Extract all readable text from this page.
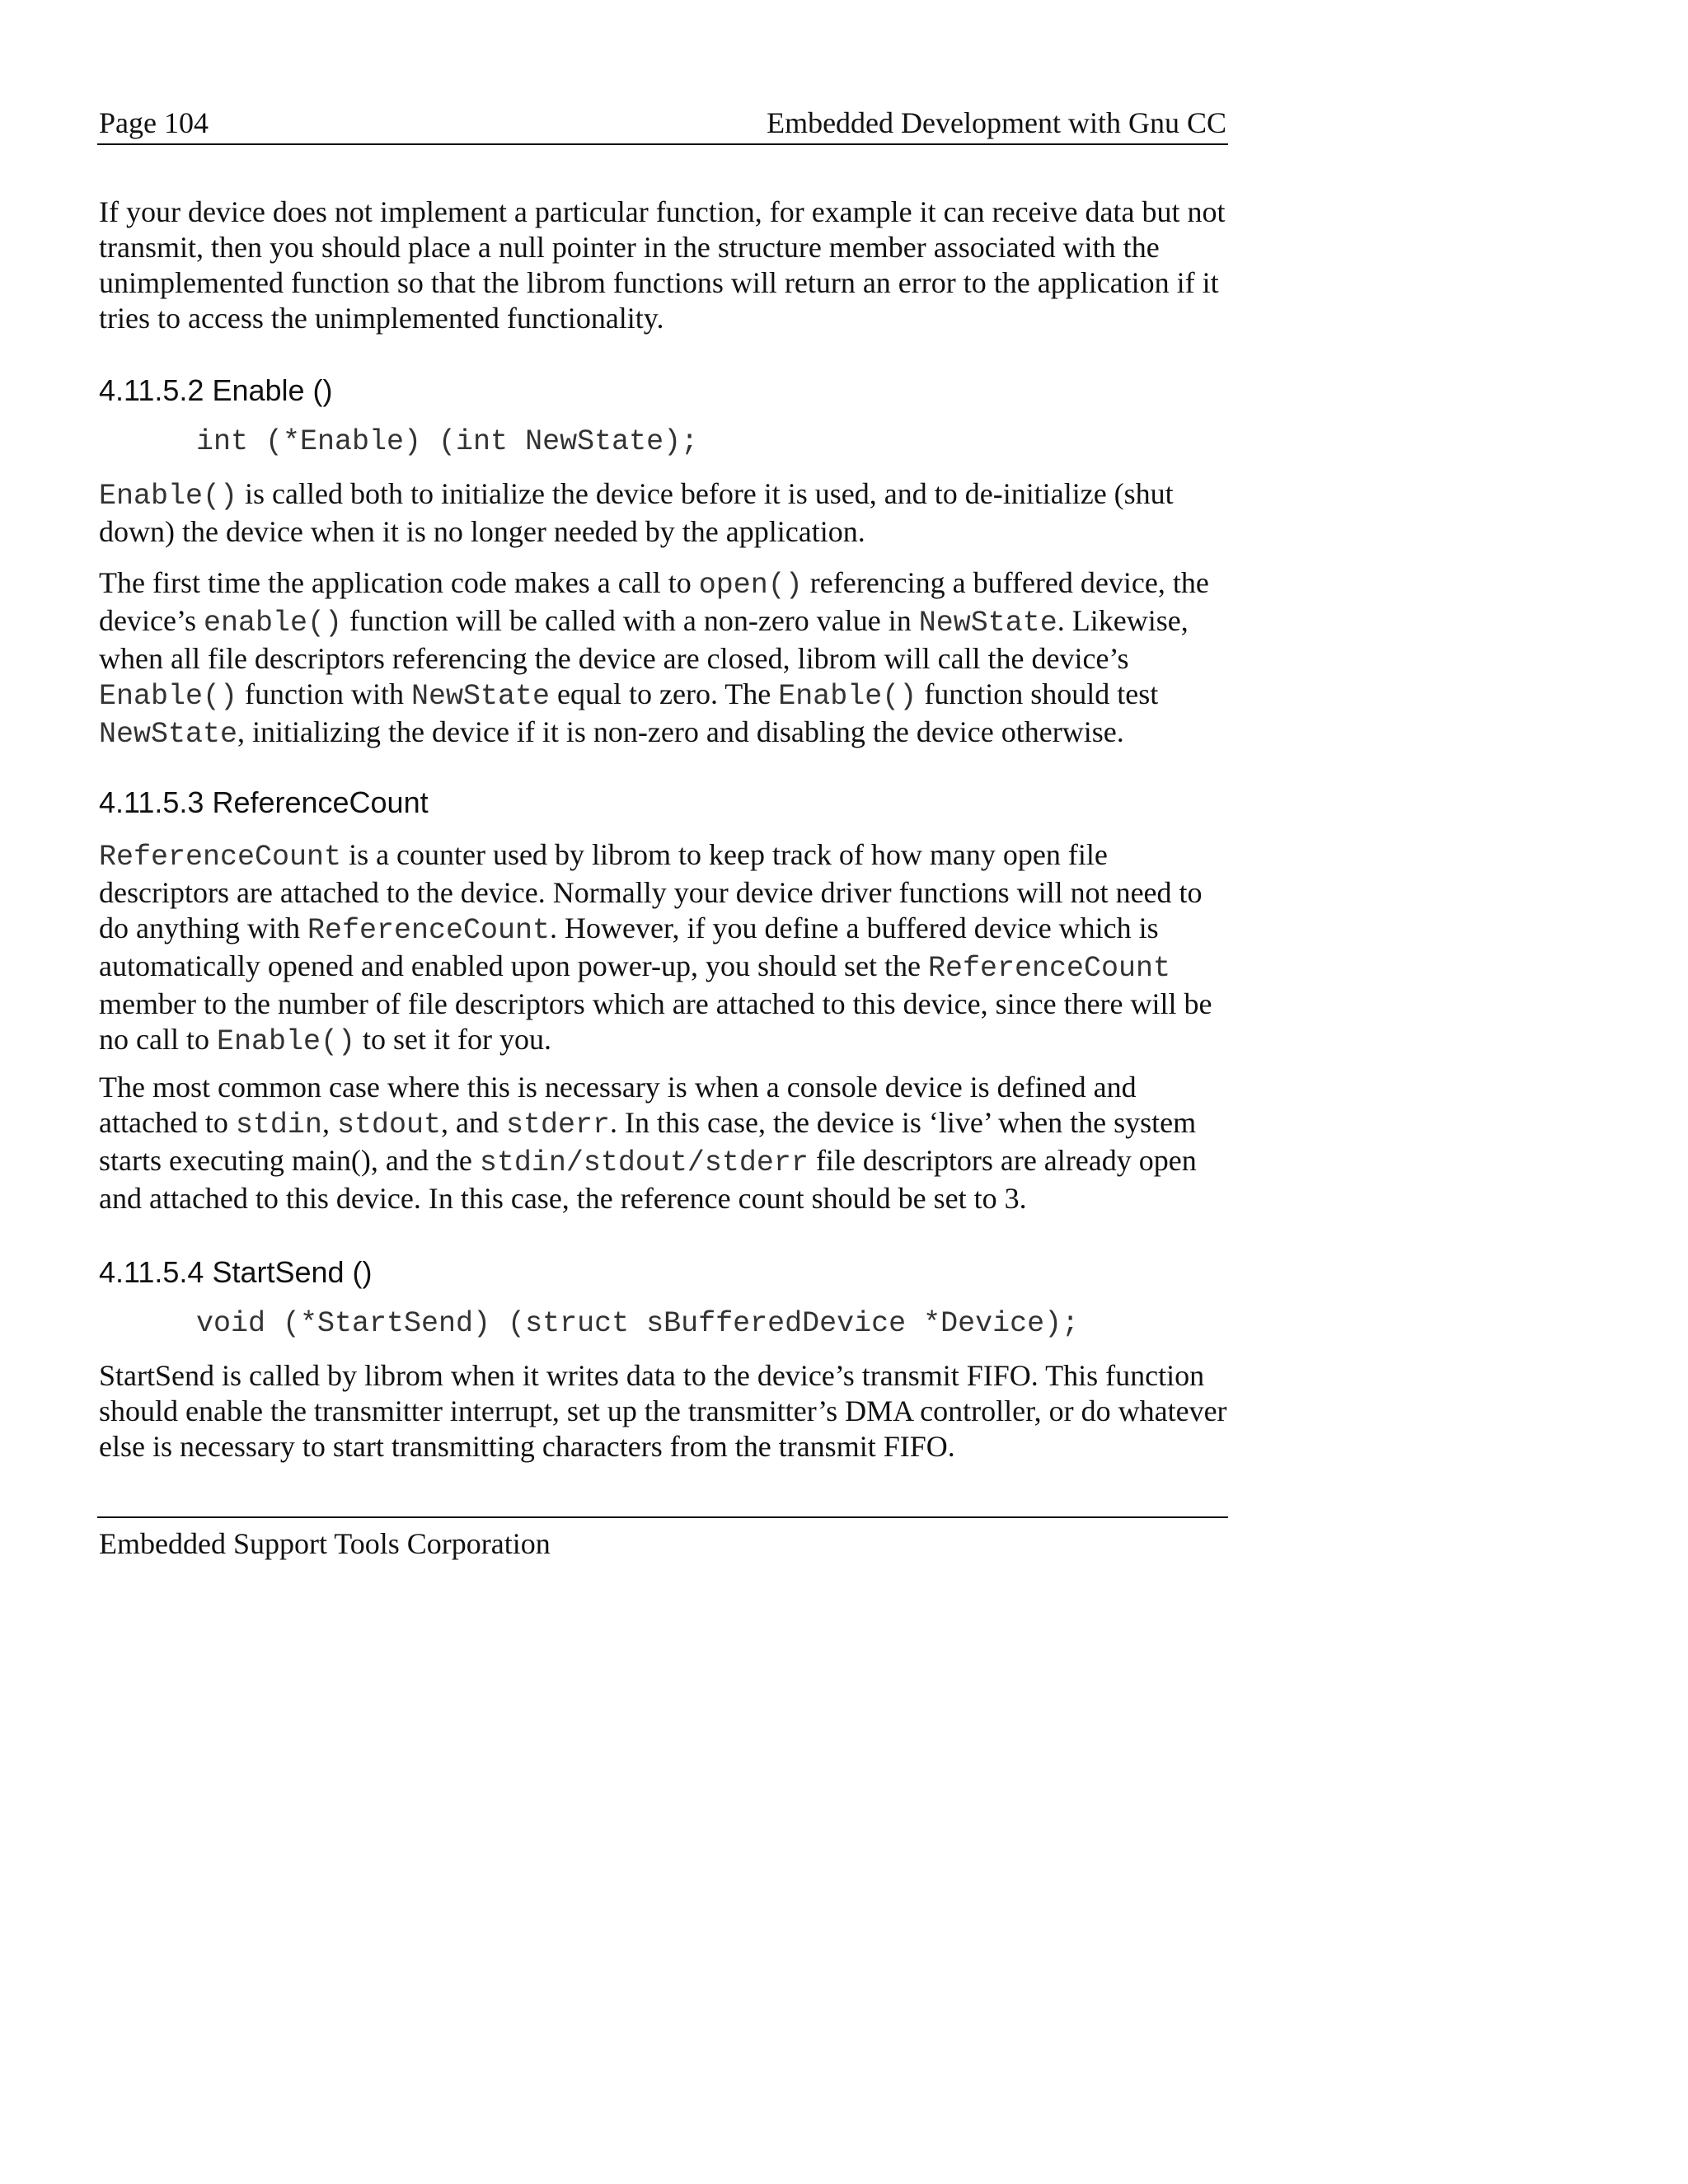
Page 104	Embedded Development with Gnu CC

If your device does not implement a particular function, for example it can receive data but not transmit, then you should place a null pointer in the structure member associated with the unimplemented function so that the librom functions will return an error to the application if it tries to access the unimplemented functionality.

4.11.5.2 Enable ()
int (*Enable) (int NewState);

Enable() is called both to initialize the device before it is used, and to de-initialize (shut down) the device when it is no longer needed by the application.

The first time the application code makes a call to open() referencing a buffered device, the device’s enable() function will be called with a non-zero value in NewState. Likewise, when all file descriptors referencing the device are closed, librom will call the device’s Enable() function with NewState equal to zero. The Enable() function should test NewState, initializing the device if it is non-zero and disabling the device otherwise.

4.11.5.3 ReferenceCount

ReferenceCount is a counter used by librom to keep track of how many open file descriptors are attached to the device. Normally your device driver functions will not need to do anything with ReferenceCount. However, if you define a buffered device which is automatically opened and enabled upon power-up, you should set the ReferenceCount member to the number of file descriptors which are attached to this device, since there will be no call to Enable() to set it for you.

The most common case where this is necessary is when a console device is defined and attached to stdin, stdout, and stderr. In this case, the device is ‘live’ when the system starts executing main(), and the stdin/stdout/stderr file descriptors are already open and attached to this device. In this case, the reference count should be set to 3.

4.11.5.4 StartSend ()
void (*StartSend) (struct sBufferedDevice *Device);

StartSend is called by librom when it writes data to the device’s transmit FIFO. This function should enable the transmitter interrupt, set up the transmitter’s DMA controller, or do whatever else is necessary to start transmitting characters from the transmit FIFO.

Embedded Support Tools Corporation
